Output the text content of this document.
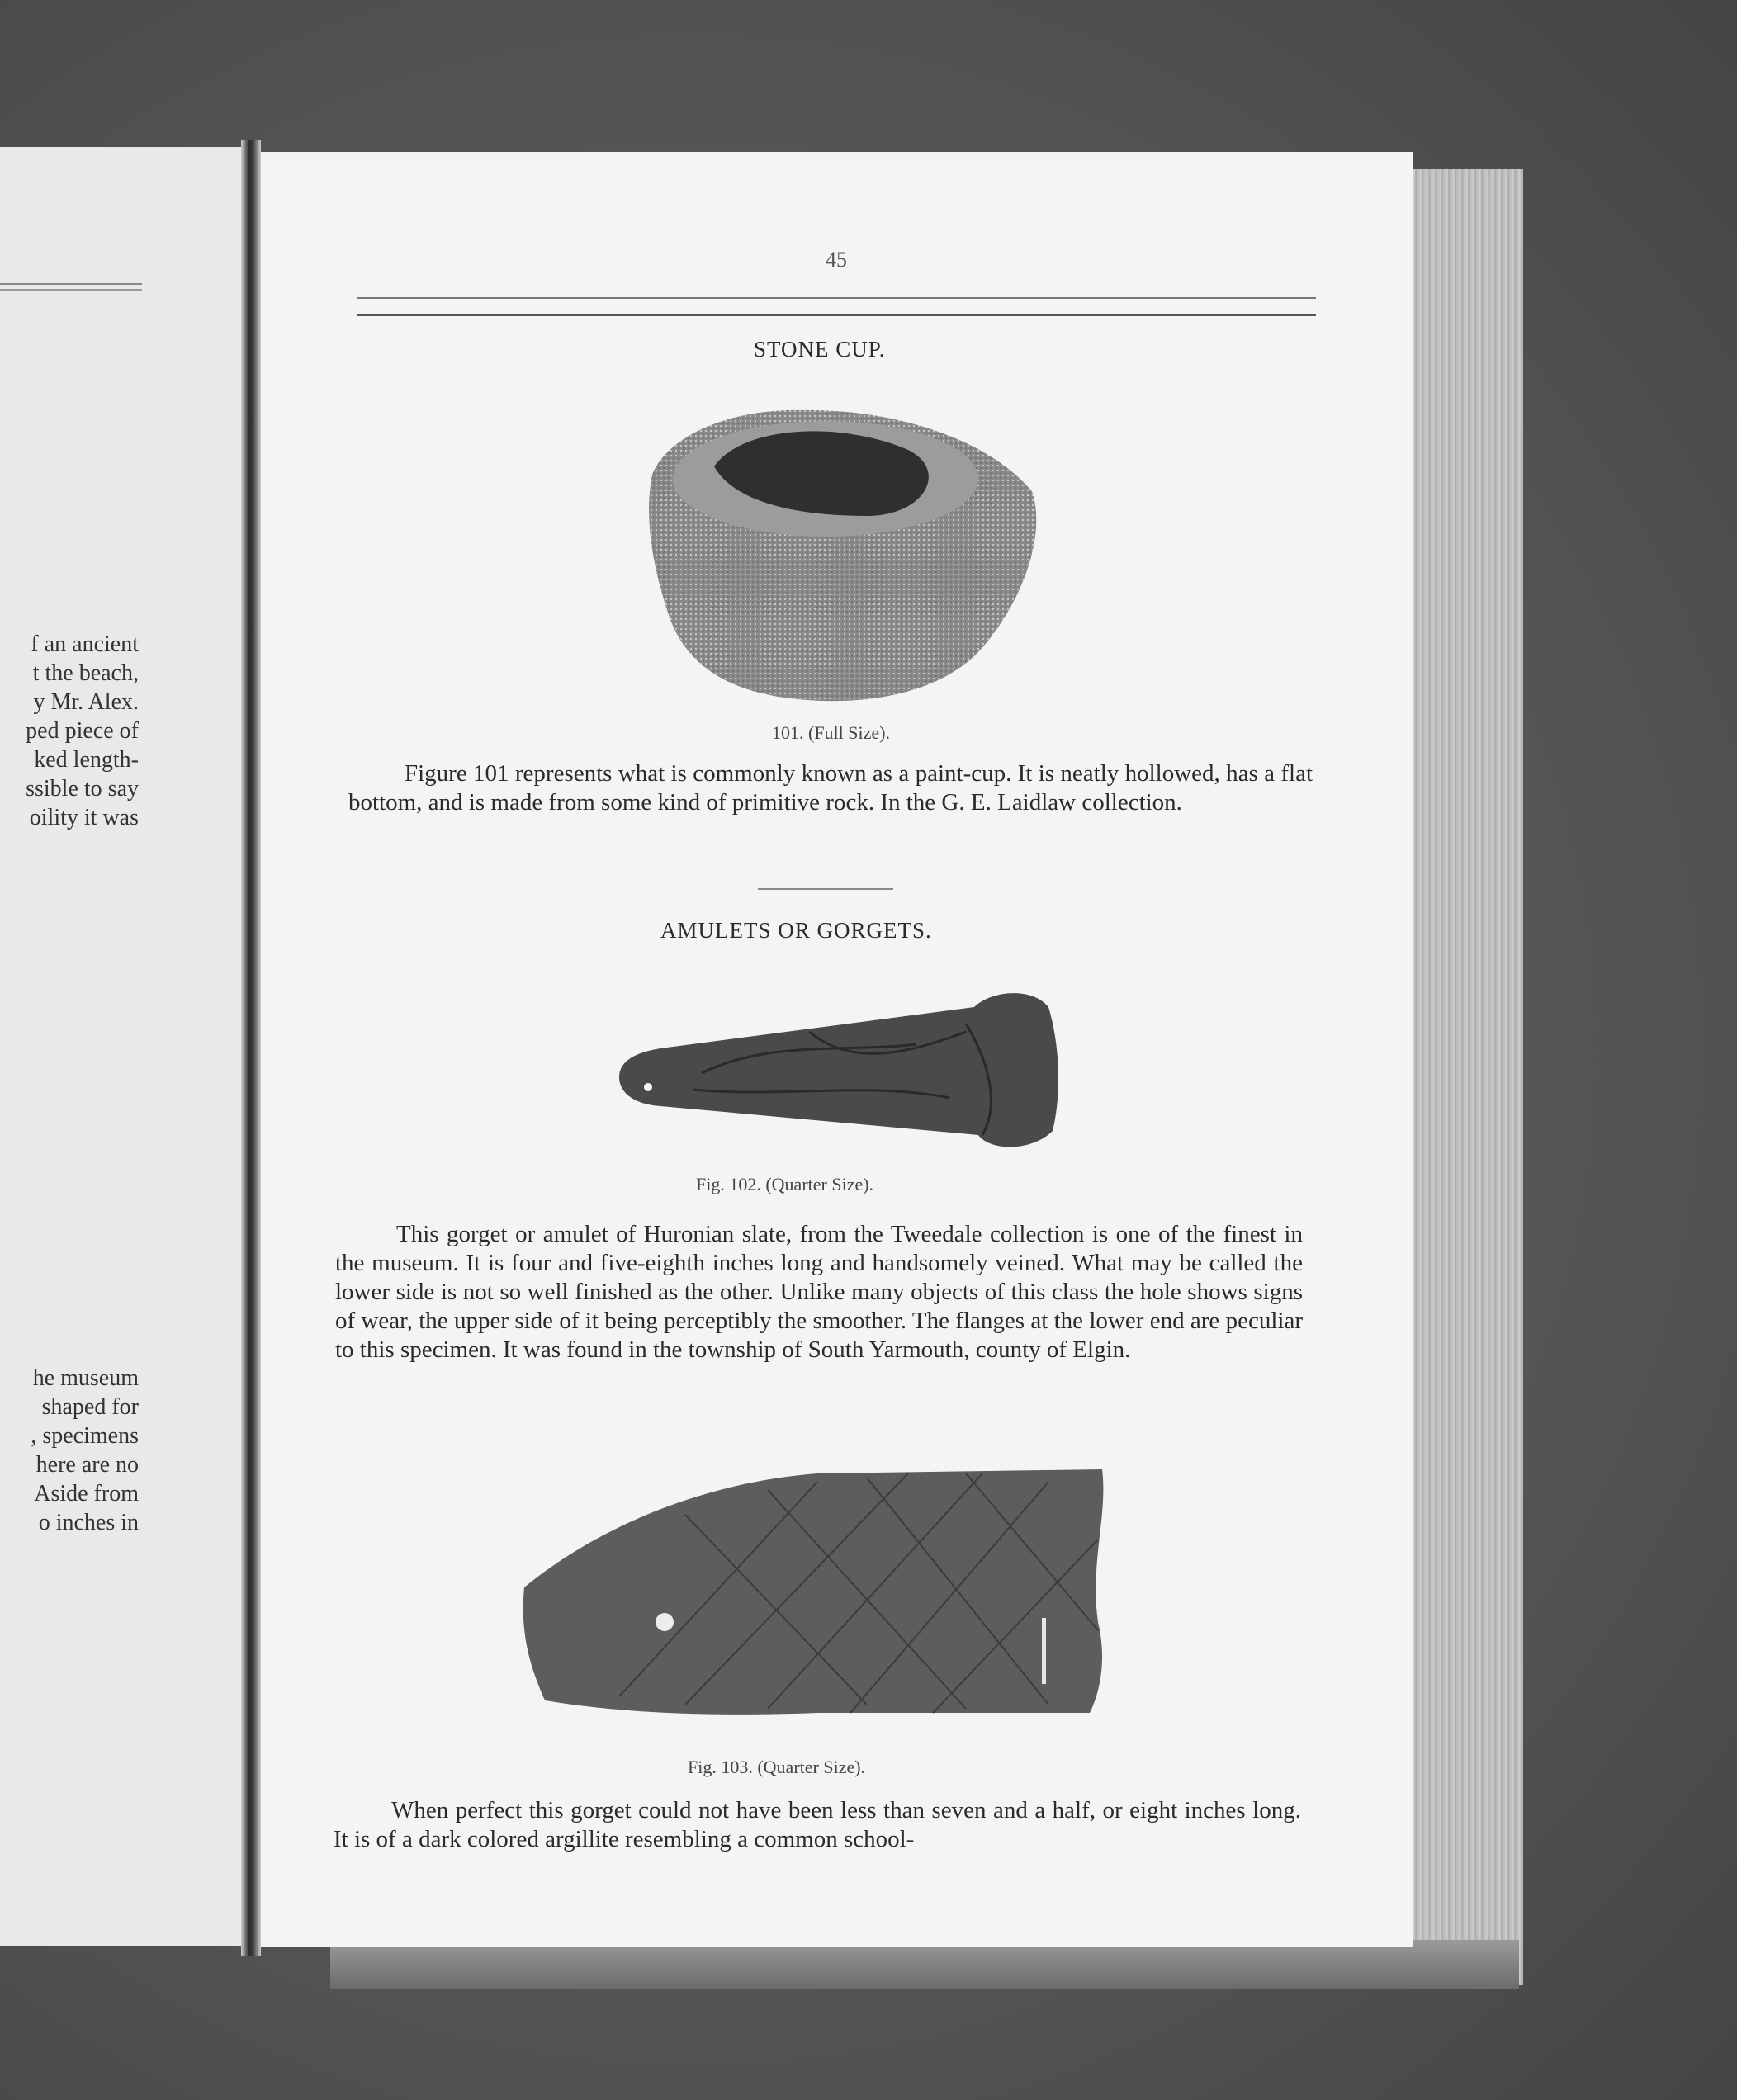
f an ancient
t the beach,
y Mr. Alex.
ped piece of
ked length-
ssible to say
oility it was
he museum
shaped for
, specimens
here are no
Aside from
o inches in
45
STONE CUP.
101. (Full Size).
Figure 101 represents what is commonly known as a paint-cup. It is neatly hollowed, has a flat bottom, and is made from some kind of primitive rock. In the G. E. Laidlaw collection.
AMULETS OR GORGETS.
Fig. 102. (Quarter Size).
This gorget or amulet of Huronian slate, from the Tweedale collection is one of the finest in the museum. It is four and five-eighth inches long and handsomely veined. What may be called the lower side is not so well finished as the other. Unlike many objects of this class the hole shows signs of wear, the upper side of it being perceptibly the smoother. The flanges at the lower end are peculiar to this specimen. It was found in the township of South Yarmouth, county of Elgin.
Fig. 103. (Quarter Size).
When perfect this gorget could not have been less than seven and a half, or eight inches long. It is of a dark colored argillite resembling a common school-
